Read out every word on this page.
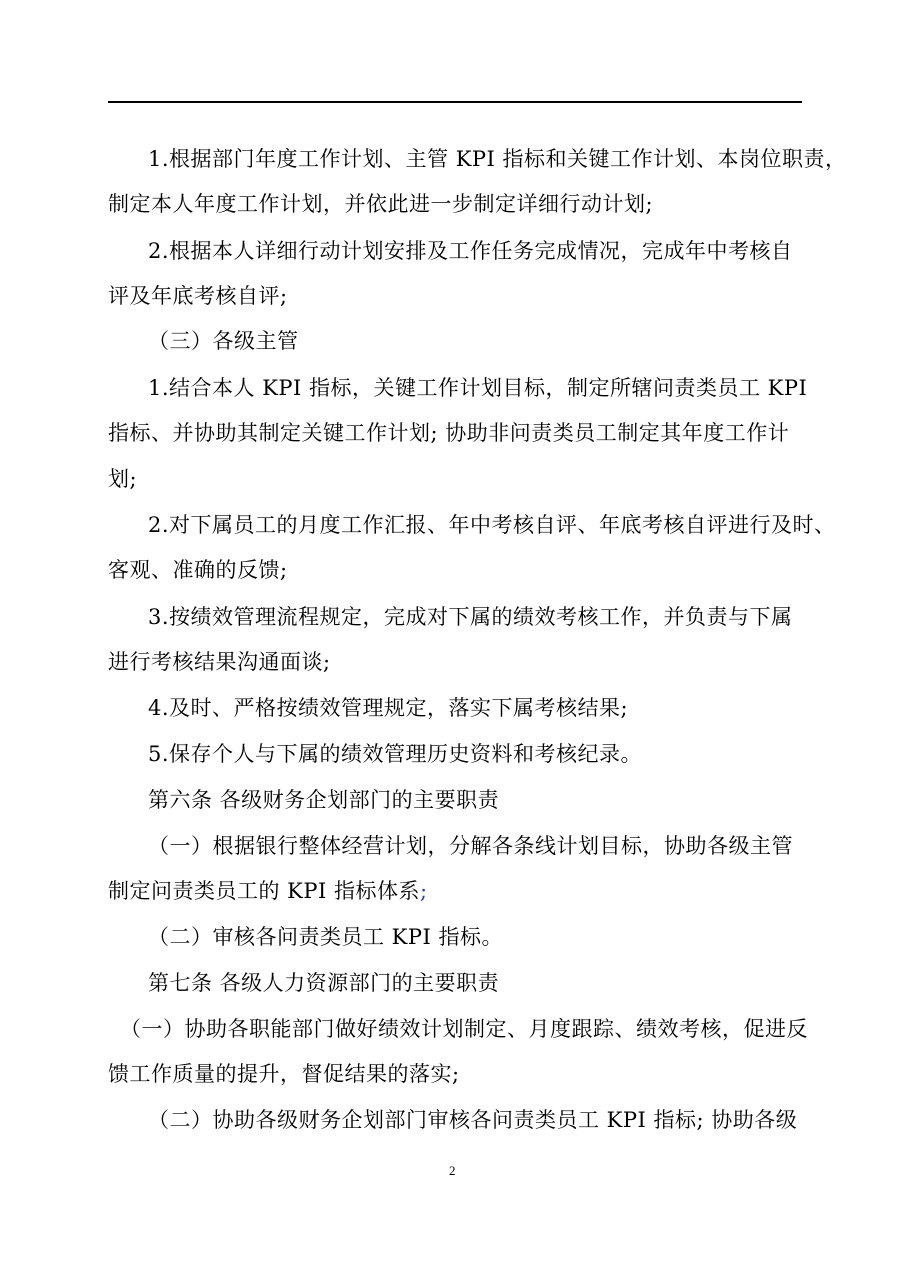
1.根据部门年度工作计划、主管 KPI 指标和关键工作计划、本岗位职责，
制定本人年度工作计划，并依此进一步制定详细行动计划;
2.根据本人详细行动计划安排及工作任务完成情况，完成年中考核自
评及年底考核自评;
（三）各级主管
1.结合本人 KPI 指标，关键工作计划目标，制定所辖问责类员工 KPI
指标、并协助其制定关键工作计划; 协助非问责类员工制定其年度工作计
划;
2.对下属员工的月度工作汇报、年中考核自评、年底考核自评进行及时、
客观、准确的反馈;
3.按绩效管理流程规定，完成对下属的绩效考核工作，并负责与下属
进行考核结果沟通面谈;
4.及时、严格按绩效管理规定，落实下属考核结果;
5.保存个人与下属的绩效管理历史资料和考核纪录。
第六条 各级财务企划部门的主要职责
（一）根据银行整体经营计划，分解各条线计划目标，协助各级主管
制定问责类员工的 KPI 指标体系;
（二）审核各问责类员工 KPI 指标。
第七条 各级人力资源部门的主要职责
（一）协助各职能部门做好绩效计划制定、月度跟踪、绩效考核，促进反
馈工作质量的提升，督促结果的落实;
（二）协助各级财务企划部门审核各问责类员工 KPI 指标; 协助各级
2
